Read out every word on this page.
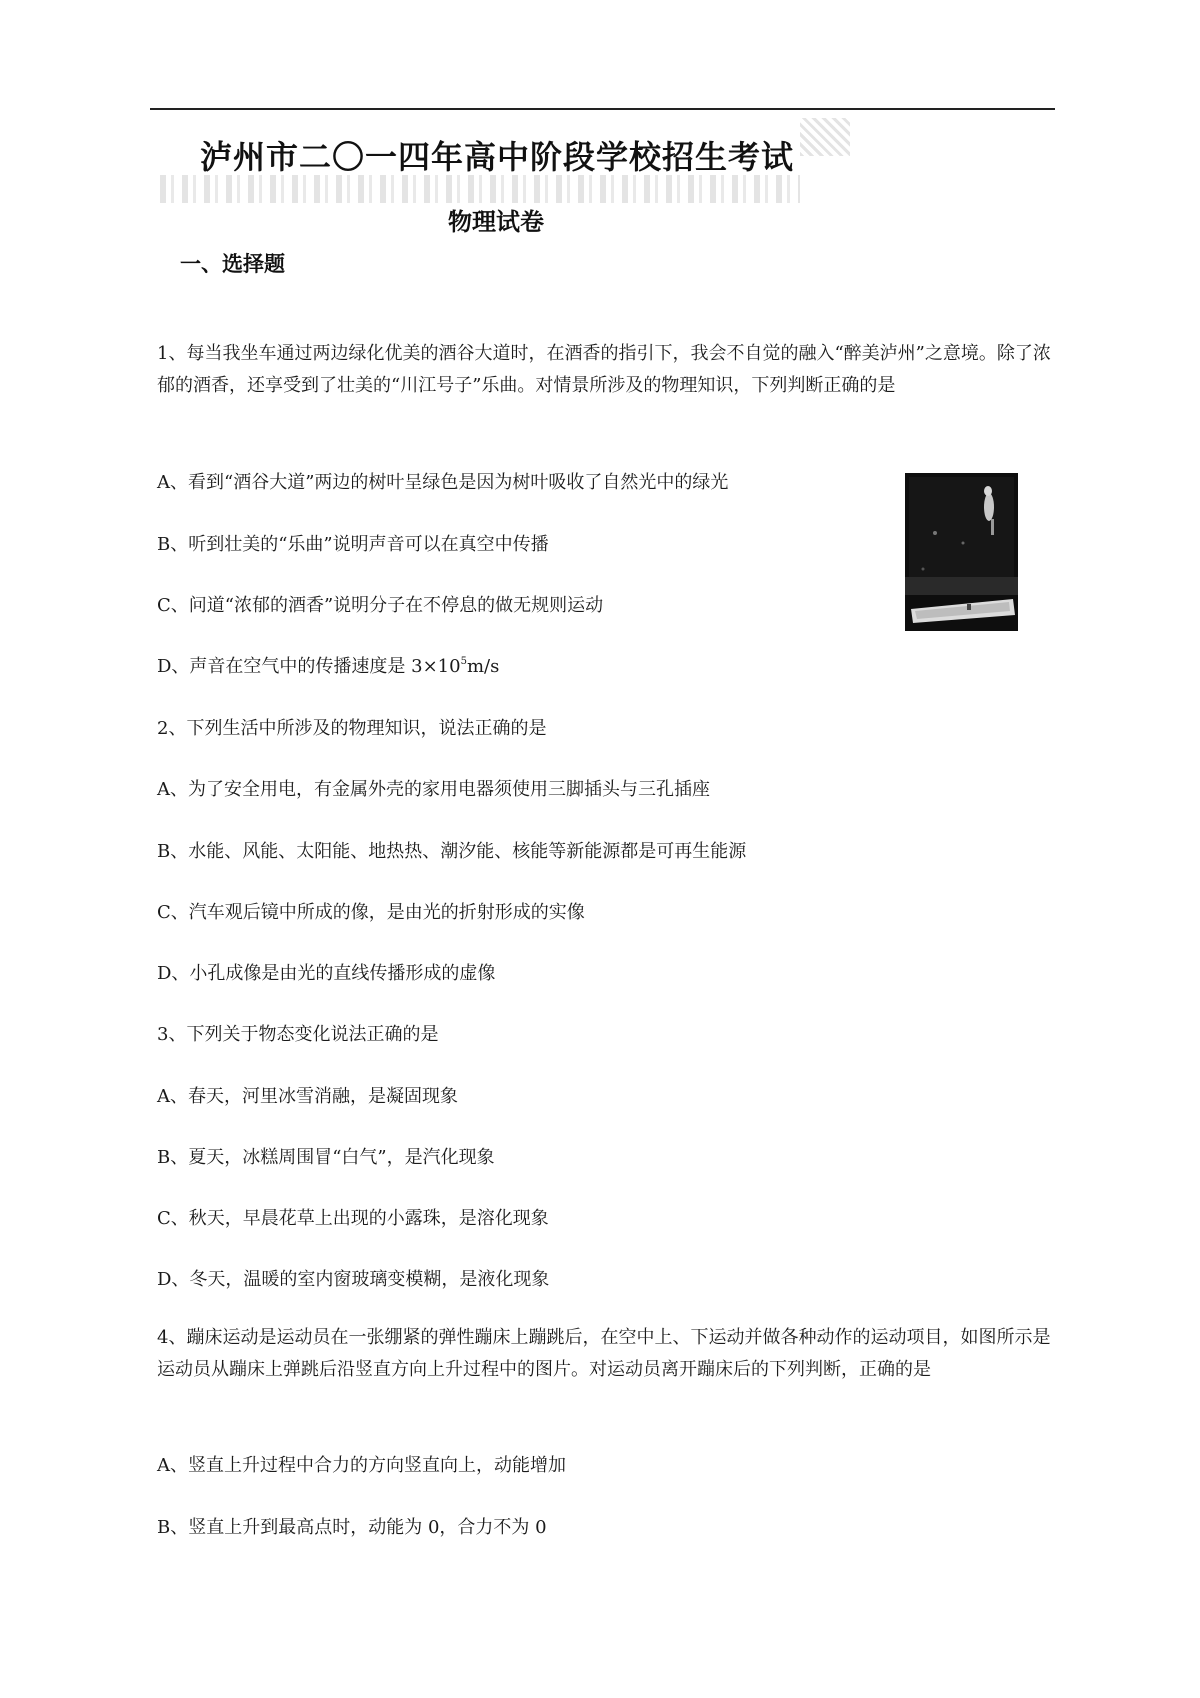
泸州市二〇一四年高中阶段学校招生考试
物理试卷
一、选择题
1、每当我坐车通过两边绿化优美的酒谷大道时，在酒香的指引下，我会不自觉的融入“醉美泸州”之意境。除了浓郁的酒香，还享受到了壮美的“川江号子”乐曲。对情景所涉及的物理知识，下列判断正确的是
A、看到“酒谷大道”两边的树叶呈绿色是因为树叶吸收了自然光中的绿光
B、听到壮美的“乐曲”说明声音可以在真空中传播
C、问道“浓郁的酒香”说明分子在不停息的做无规则运动
D、声音在空气中的传播速度是 $3\times 10^5m/s$
2、下列生活中所涉及的物理知识，说法正确的是
A、为了安全用电，有金属外壳的家用电器须使用三脚插头与三孔插座
B、水能、风能、太阳能、地热热、潮汐能、核能等新能源都是可再生能源
C、汽车观后镜中所成的像，是由光的折射形成的实像
D、小孔成像是由光的直线传播形成的虚像
3、下列关于物态变化说法正确的是
A、春天，河里冰雪消融，是凝固现象
B、夏天，冰糕周围冒“白气”，是汽化现象
C、秋天，早晨花草上出现的小露珠，是溶化现象
D、冬天，温暖的室内窗玻璃变模糊，是液化现象
4、蹦床运动是运动员在一张绷紧的弹性蹦床上蹦跳后，在空中上、下运动并做各种动作的运动项目，如图所示是运动员从蹦床上弹跳后沿竖直方向上升过程中的图片。对运动员离开蹦床后的下列判断，正确的是
A、竖直上升过程中合力的方向竖直向上，动能增加
B、竖直上升到最高点时，动能为 0，合力不为 0
